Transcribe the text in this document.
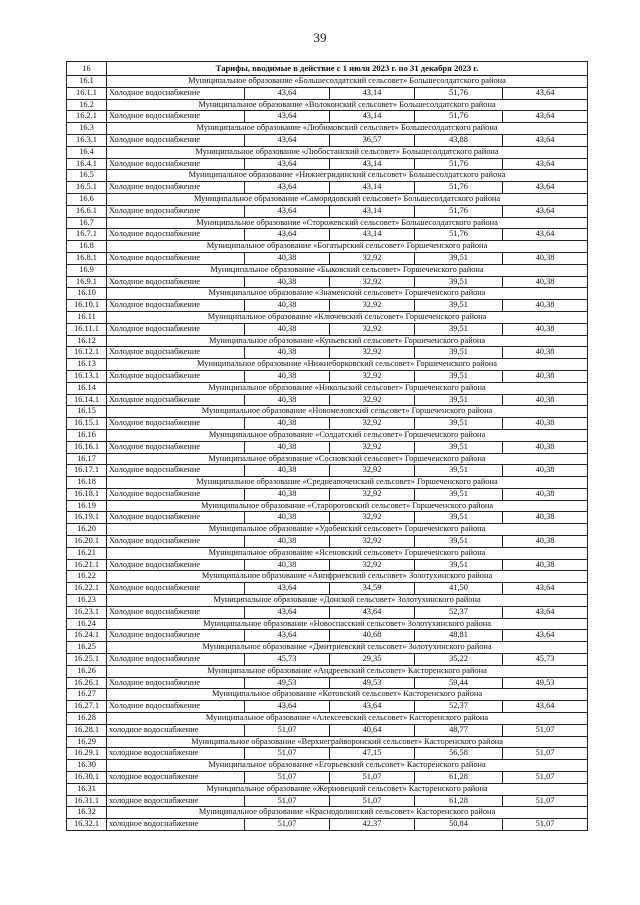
39
16	Тарифы, вводимые в действие с 1 июля 2023 г. по 31 декабря 2023 г.				
16.1	Муниципальное образование «Большесолдатский сельсовет» Большесолдатского района				
16.1.1	Холодное водоснабжение	43,64	43,14	51,76	43,64
16.2	Муниципальное образование «Волоконский сельсовет» Большесолдатского района				
16.2.1	Холодное водоснабжение	43,64	43,14	51,76	43,64
16.3	Муниципальное образование «Любимовский сельсовет» Большесолдатского района				
16.3.1	Холодное водоснабжение	43,64	36,57	43,88	43,64
16.4	Муниципальное образование «Любостанский сельсовет» Большесолдатского района				
16.4.1	Холодное водоснабжение	43,64	43,14	51,76	43,64
16.5	Муниципальное образование «Нижнегридинский сельсовет» Большесолдатского района				
16.5.1	Холодное водоснабжение	43,64	43,14	51,76	43,64
16.6	Муниципальное образование «Саморядовский сельсовет» Большесолдатского района				
16.6.1	Холодное водоснабжение	43,64	43,14	51,76	43,64
16.7	Муниципальное образование «Сторожевский сельсовет» Большесолдатского района				
16.7.1	Холодное водоснабжение	43,64	43,14	51,76	43,64
16.8	Муниципальное образование «Богатырский сельсовет» Горшеченского района				
16.8.1	Холодное водоснабжение	40,38	32,92	39,51	40,38
16.9	Муниципальное образование «Быковский сельсовет» Горшеченского района				
16.9.1	Холодное водоснабжение	40,38	32,92	39,51	40,38
16.10	Муниципальное образование «Знаменский сельсовет» Горшеченского района				
16.10.1	Холодное водоснабжение	40,38	32,92	39,51	40,38
16.11	Муниципальное образование «Ключевский сельсовет» Горшеченского района				
16.11.1	Холодное водоснабжение	40,38	32,92	39,51	40,38
16.12	Муниципальное образование «Куньевский сельсовет» Горшеченского района				
16.12.1	Холодное водоснабжение	40,38	32,92	39,51	40,38
16.13	Муниципальное образование «Нижнеборковский сельсовет» Горшеченского района				
16.13.1	Холодное водоснабжение	40,38	32,92	39,51	40,38
16.14	Муниципальное образование «Никольский сельсовет» Горшеченского района				
16.14.1	Холодное водоснабжение	40,38	32,92	39,51	40,38
16.15	Муниципальное образование «Новомеловский сельсовет» Горшеченского района				
16.15.1	Холодное водоснабжение	40,38	32,92	39,51	40,38
16.16	Муниципальное образование «Солдатский сельсовет» Горшеченского района				
16.16.1	Холодное водоснабжение	40,38	32,92	39,51	40,38
16.17	Муниципальное образование «Сосновский сельсовет» Горшеченского района				
16.17.1	Холодное водоснабжение	40,38	32,92	39,51	40,38
16.18	Муниципальное образование «Среднеапоченский сельсовет» Горшеченского района				
16.18.1	Холодное водоснабжение	40,38	32,92	39,51	40,38
16.19	Муниципальное образование «Старороговский сельсовет» Горшеченского района				
16.19.1	Холодное водоснабжение	40,38	32,92	39,51	40,38
16.20	Муниципальное образование «Удобенский сельсовет» Горшеченского района				
16.20.1	Холодное водоснабжение	40,38	32,92	39,51	40,38
16.21	Муниципальное образование «Ясеновский сельсовет» Горшеченского района				
16.21.1	Холодное водоснабжение	40,38	32,92	39,51	40,38
16.22	Муниципальное образование «Анпфриевский сельсовет» Золотухинского района				
16.22.1	Холодное водоснабжение	43,64	34,59	41,50	43,64
16.23	Муниципальное образование «Донской сельсовет» Золотухинского района				
16.23.1	Холодное водоснабжение	43,64	43,64	52,37	43,64
16.24	Муниципальное образование «Новоспасский сельсовет» Золотухинского района				
16.24.1	Холодное водоснабжение	43,64	40,68	48,81	43,64
16.25	Муниципальное образование «Дмитриевский сельсовет» Золотухинского района				
16.25.1	Холодное водоснабжение	45,73	29,35	35,22	45,73
16.26	Муниципальное образование «Андреевский сельсовет» Касторенского района				
16.26.1	Холодное водоснабжение	49,53	49,53	59,44	49,53
16.27	Муниципальное образование «Котовский сельсовет» Касторенского района				
16.27.1	Холодное водоснабжение	43,64	43,64	52,37	43,64
16.28	Муниципальное образование «Алексеевский сельсовет» Касторенского района				
16.28.1	холодное водоснабжение	51,07	40,64	48,77	51,07
16.29	Муниципальное образование «Верхнеграйворонский сельсовет» Касторенского района				
16.29.1	холодное водоснабжение	51,07	47,15	56,58	51,07
16.30	Муниципальное образование «Егорьевский сельсовет» Касторенского района				
16.30.1	холодное водоснабжение	51,07	51,07	61,28	51,07
16.31	Муниципальное образование «Жерновецкий сельсовет» Касторенского района				
16.31.1	холодное водоснабжение	51,07	51,07	61,28	51,07
16.32	Муниципальное образование «Краснодолинский сельсовет» Касторенского района				
16.32.1	холодное водоснабжение	51,07	42,37	50,84	51,07
